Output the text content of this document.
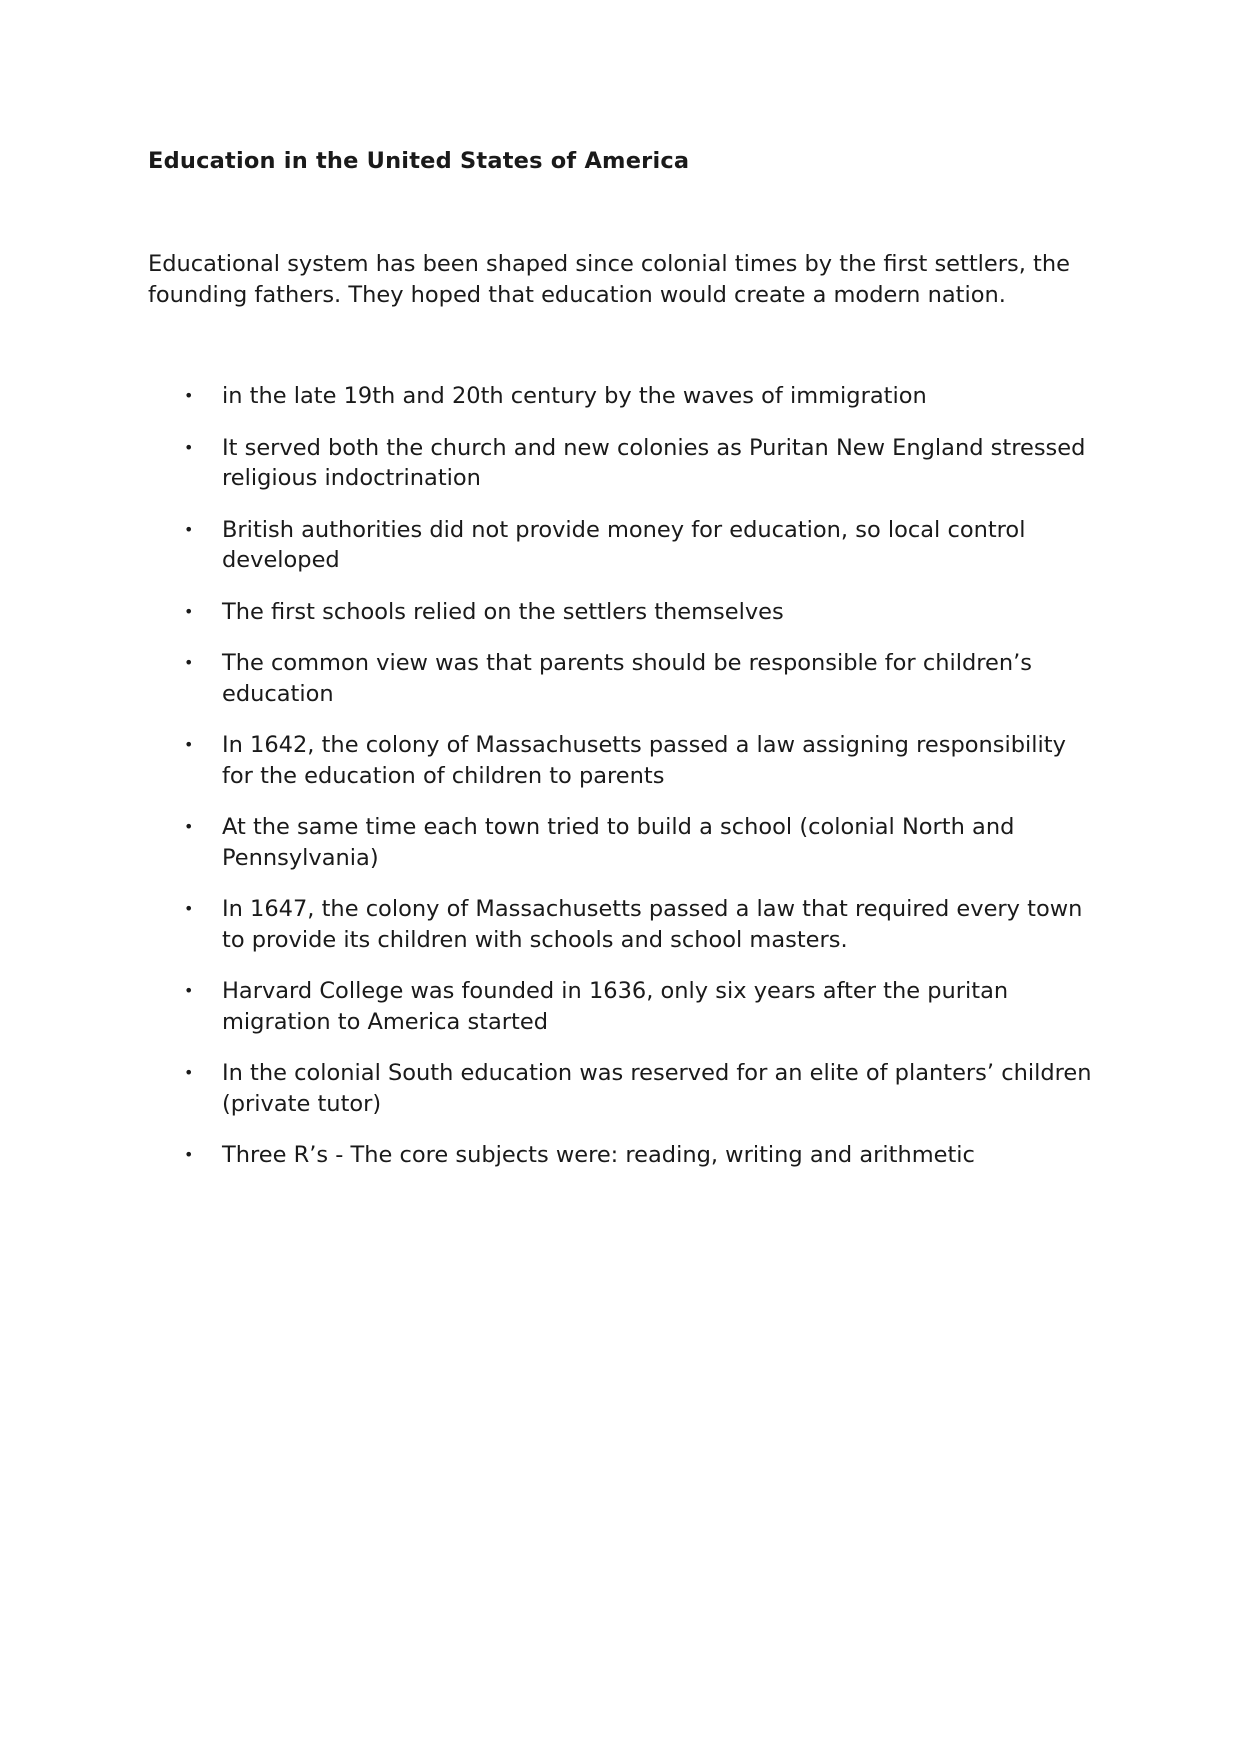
Education in the United States of America

Educational system has been shaped since colonial times by the first settlers, the founding fathers. They hoped that education would create a modern nation.

• in the late 19th and 20th century by the waves of immigration
• It served both the church and new colonies as Puritan New England stressed religious indoctrination
• British authorities did not provide money for education, so local control developed
• The first schools relied on the settlers themselves
• The common view was that parents should be responsible for children’s education
• In 1642, the colony of Massachusetts passed a law assigning responsibility for the education of children to parents
• At the same time each town tried to build a school (colonial North and Pennsylvania)
• In 1647, the colony of Massachusetts passed a law that required every town to provide its children with schools and school masters.
• Harvard College was founded in 1636, only six years after the puritan migration to America started
• In the colonial South education was reserved for an elite of planters’ children (private tutor)
• Three R’s - The core subjects were: reading, writing and arithmetic
